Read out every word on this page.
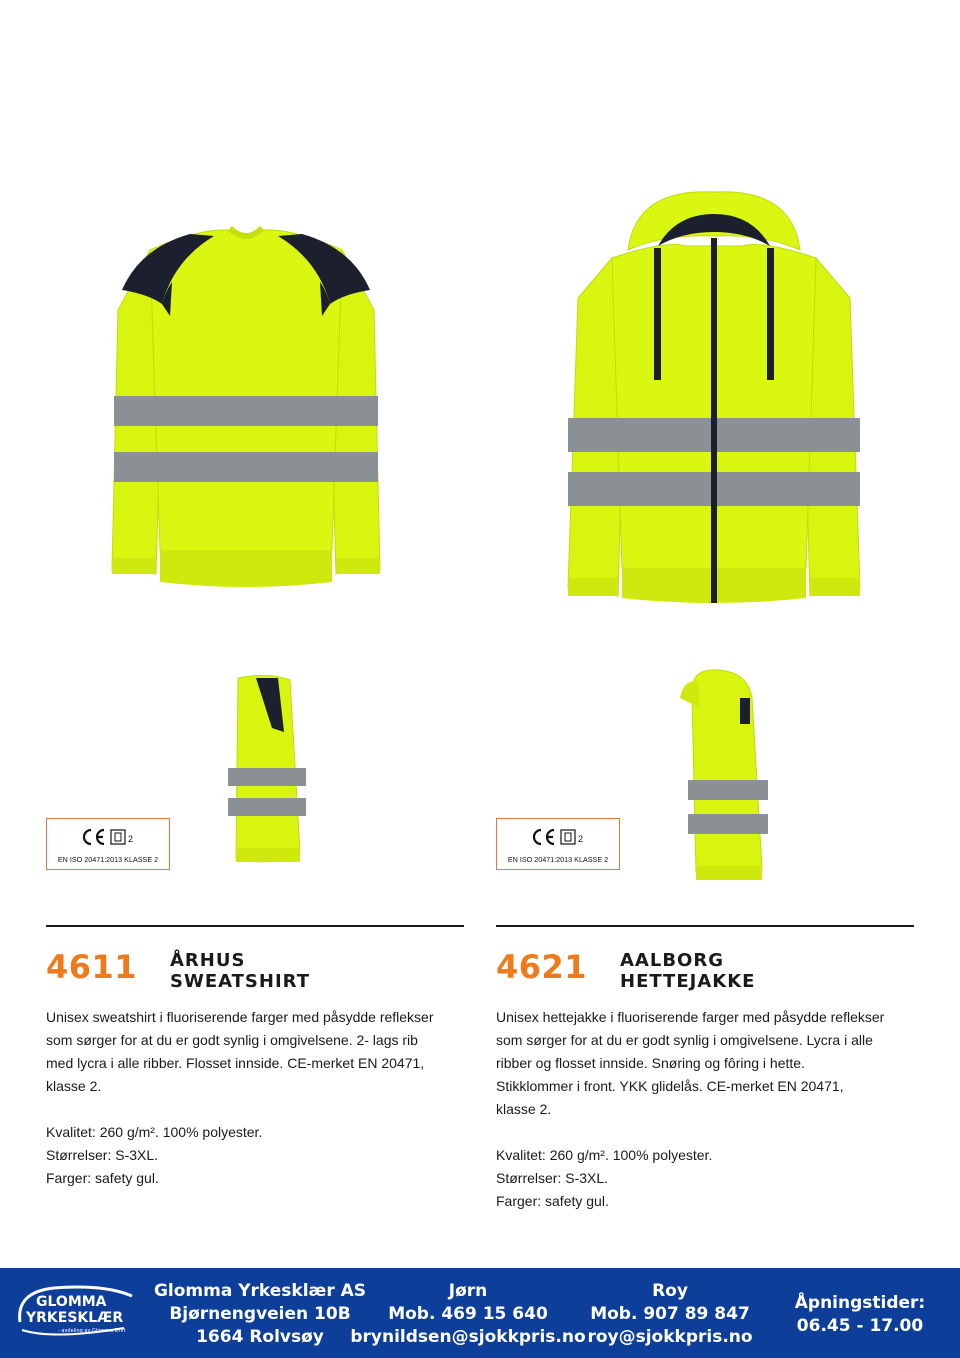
2
EN ISO 20471:2013 KLASSE 2
2
EN ISO 20471:2013 KLASSE 2
4611 ÅRHUS
SWEATSHIRT

Unisex sweatshirt i fluoriserende farger med påsydde reflekser

som sørger for at du er godt synlig i omgivelsene. 2- lags rib

med lycra i alle ribber. Flosset innside. CE-merket EN 20471,

klasse 2.

Kvalitet: 260 g/m². 100% polyester.

Størrelser: S-3XL.

Farger: safety gul.

4621 AALBORG
HETTEJAKKE

Unisex hettejakke i fluoriserende farger med påsydde reflekser

som sørger for at du er godt synlig i omgivelsene. Lycra i alle

ribber og flosset innside. Snøring og fôring i hette.

Stikklommer i front. YKK glidelås. CE-merket EN 20471,

klasse 2.

Kvalitet: 260 g/m². 100% polyester.

Størrelser: S-3XL.

Farger: safety gul.

GLOMMA
YRKESKLÆR
- avdeling av Glomma Drift
Glomma Yrkesklær AS
Bjørnengveien 10B
1664 Rolvsøy
Jørn
Mob. 469 15 640
brynildsen@sjokkpris.no
Roy
Mob. 907 89 847
roy@sjokkpris.no
Åpningstider:
06.45 - 17.00
